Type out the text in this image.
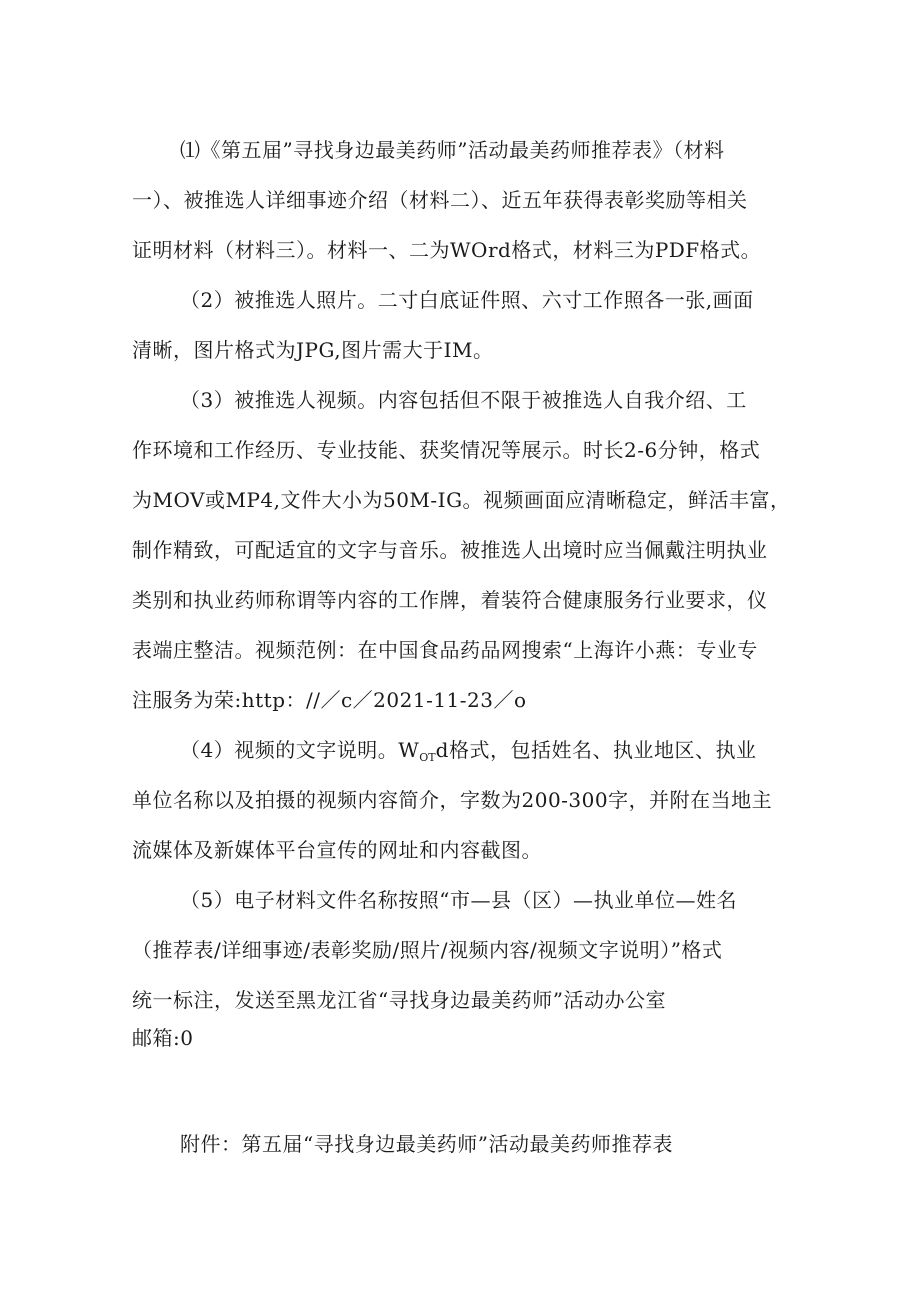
⑴《第五届”寻找身边最美药师”活动最美药师推荐表》（材料
一）、被推选人详细事迹介绍（材料二）、近五年获得表彰奖励等相关
证明材料（材料三）。材料一、二为WOrd格式，材料三为PDF格式。
（2）被推选人照片。二寸白底证件照、六寸工作照各一张,画面
清晰，图片格式为JPG,图片需大于IM。
（3）被推选人视频。内容包括但不限于被推选人自我介绍、工
作环境和工作经历、专业技能、获奖情况等展示。时长2-6分钟，格式
为MOV或MP4,文件大小为50M-IG。视频画面应清晰稳定，鲜活丰富，
制作精致，可配适宜的文字与音乐。被推选人出境时应当佩戴注明执业
类别和执业药师称谓等内容的工作牌，着装符合健康服务行业要求，仪
表端庄整洁。视频范例：在中国食品药品网搜索“上海许小燕：专业专
注服务为荣:http：//／c／2021-11-23／o
（4）视频的文字说明。$W_{OT}d$格式，包括姓名、执业地区、执业
单位名称以及拍摄的视频内容简介，字数为200-300字，并附在当地主
流媒体及新媒体平台宣传的网址和内容截图。
（5）电子材料文件名称按照“市—县（区）—执业单位—姓名
（推荐表/详细事迹/表彰奖励/照片/视频内容/视频文字说明）”格式
统一标注，发送至黑龙江省“寻找身边最美药师”活动办公室
邮箱:0
附件：第五届“寻找身边最美药师”活动最美药师推荐表
